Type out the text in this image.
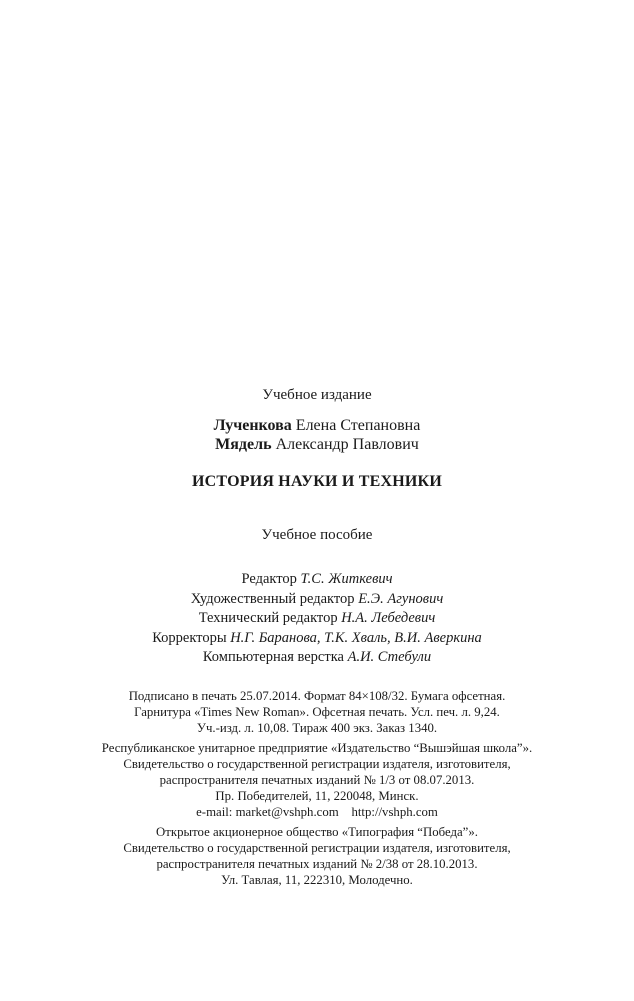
Учебное издание
Лученкова Елена Степановна
Мядель Александр Павлович
ИСТОРИЯ НАУКИ И ТЕХНИКИ
Учебное пособие
Редактор Т.С. Житкевич
Художественный редактор Е.Э. Агунович
Технический редактор Н.А. Лебедевич
Корректоры Н.Г. Баранова, Т.К. Хваль, В.И. Аверкина
Компьютерная верстка А.И. Стебули
Подписано в печать 25.07.2014. Формат 84×108/32. Бумага офсетная.
Гарнитура «Times New Roman». Офсетная печать. Усл. печ. л. 9,24.
Уч.-изд. л. 10,08. Тираж 400 экз. Заказ 1340.
Республиканское унитарное предприятие «Издательство “Вышэйшая школа”».
Свидетельство о государственной регистрации издателя, изготовителя,
распространителя печатных изданий № 1/3 от 08.07.2013.
Пр. Победителей, 11, 220048, Минск.
e-mail: market@vshph.com    http://vshph.com
Открытое акционерное общество «Типография “Победа”».
Свидетельство о государственной регистрации издателя, изготовителя,
распространителя печатных изданий № 2/38 от 28.10.2013.
Ул. Тавлая, 11, 222310, Молодечно.
